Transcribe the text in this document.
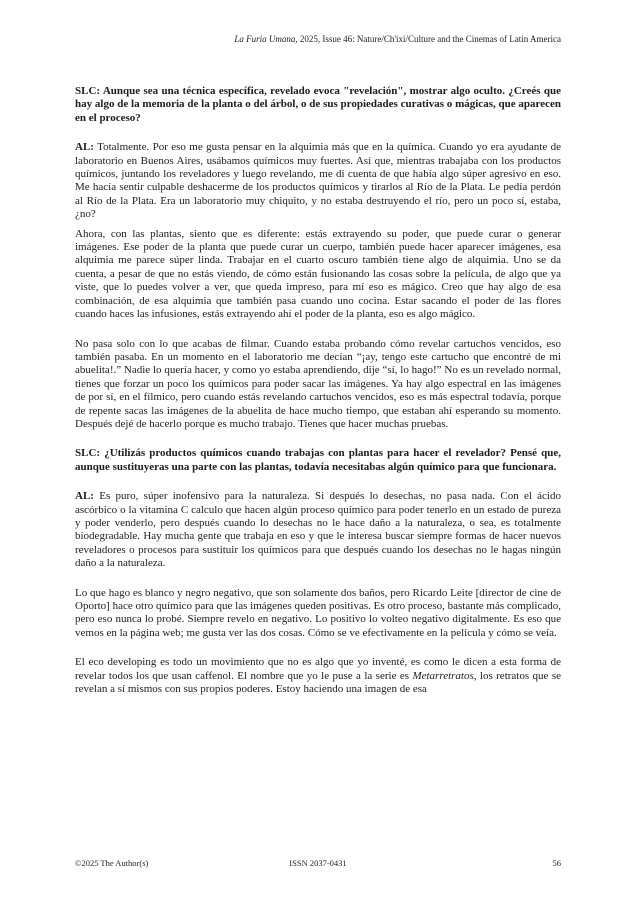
La Furia Umana, 2025, Issue 46: Nature/Ch'ixi/Culture and the Cinemas of Latin America

SLC: Aunque sea una técnica específica, revelado evoca "revelación", mostrar algo oculto. ¿Creés que hay algo de la memoria de la planta o del árbol, o de sus propiedades curativas o mágicas, que aparecen en el proceso?

AL: Totalmente. Por eso me gusta pensar en la alquimia más que en la química. Cuando yo era ayudante de laboratorio en Buenos Aires, usábamos químicos muy fuertes. Así que, mientras trabajaba con los productos químicos, juntando los reveladores y luego revelando, me di cuenta de que había algo súper agresivo en eso. Me hacía sentir culpable deshacerme de los productos químicos y tirarlos al Río de la Plata. Le pedía perdón al Río de la Plata. Era un laboratorio muy chiquito, y no estaba destruyendo el río, pero un poco sí, estaba, ¿no?

Ahora, con las plantas, siento que es diferente: estás extrayendo su poder, que puede curar o generar imágenes. Ese poder de la planta que puede curar un cuerpo, también puede hacer aparecer imágenes, esa alquimia me parece súper linda. Trabajar en el cuarto oscuro también tiene algo de alquimia. Uno se da cuenta, a pesar de que no estás viendo, de cómo están fusionando las cosas sobre la película, de algo que ya viste, que lo puedes volver a ver, que queda impreso, para mí eso es mágico. Creo que hay algo de esa combinación, de esa alquimia que también pasa cuando uno cocina. Estar sacando el poder de las flores cuando haces las infusiones, estás extrayendo ahí el poder de la planta, eso es algo mágico.

No pasa solo con lo que acabas de filmar. Cuando estaba probando cómo revelar cartuchos vencidos, eso también pasaba. En un momento en el laboratorio me decían “¡ay, tengo este cartucho que encontré de mi abuelita!.” Nadie lo quería hacer, y como yo estaba aprendiendo, dije “sí, lo hago!” No es un revelado normal, tienes que forzar un poco los químicos para poder sacar las imágenes. Ya hay algo espectral en las imágenes de por sí, en el fílmico, pero cuando estás revelando cartuchos vencidos, eso es más espectral todavía, porque de repente sacas las imágenes de la abuelita de hace mucho tiempo, que estaban ahí esperando su momento. Después dejé de hacerlo porque es mucho trabajo. Tienes que hacer muchas pruebas.

SLC: ¿Utilizás productos químicos cuando trabajas con plantas para hacer el revelador? Pensé que, aunque sustituyeras una parte con las plantas, todavía necesitabas algún químico para que funcionara.

AL: Es puro, súper inofensivo para la naturaleza. Si después lo desechas, no pasa nada. Con el ácido ascórbico o la vitamina C calculo que hacen algún proceso químico para poder tenerlo en un estado de pureza y poder venderlo, pero después cuando lo desechas no le hace daño a la naturaleza, o sea, es totalmente biodegradable. Hay mucha gente que trabaja en eso y que le interesa buscar siempre formas de hacer nuevos reveladores o procesos para sustituir los químicos para que después cuando los desechas no le hagas ningún daño a la naturaleza.

Lo que hago es blanco y negro negativo, que son solamente dos baños, pero Ricardo Leite [director de cine de Oporto] hace otro químico para que las imágenes queden positivas. Es otro proceso, bastante más complicado, pero eso nunca lo probé. Siempre revelo en negativo. Lo positivo lo volteo negativo digitalmente. Es eso que vemos en la página web; me gusta ver las dos cosas. Cómo se ve efectivamente en la película y cómo se veía.

El eco developing es todo un movimiento que no es algo que yo inventé, es como le dicen a esta forma de revelar todos los que usan caffenol. El nombre que yo le puse a la serie es Metarretratos, los retratos que se revelan a sí mismos con sus propios poderes. Estoy haciendo una imagen de esa

©2025 The Author(s)	ISSN 2037-0431	56
